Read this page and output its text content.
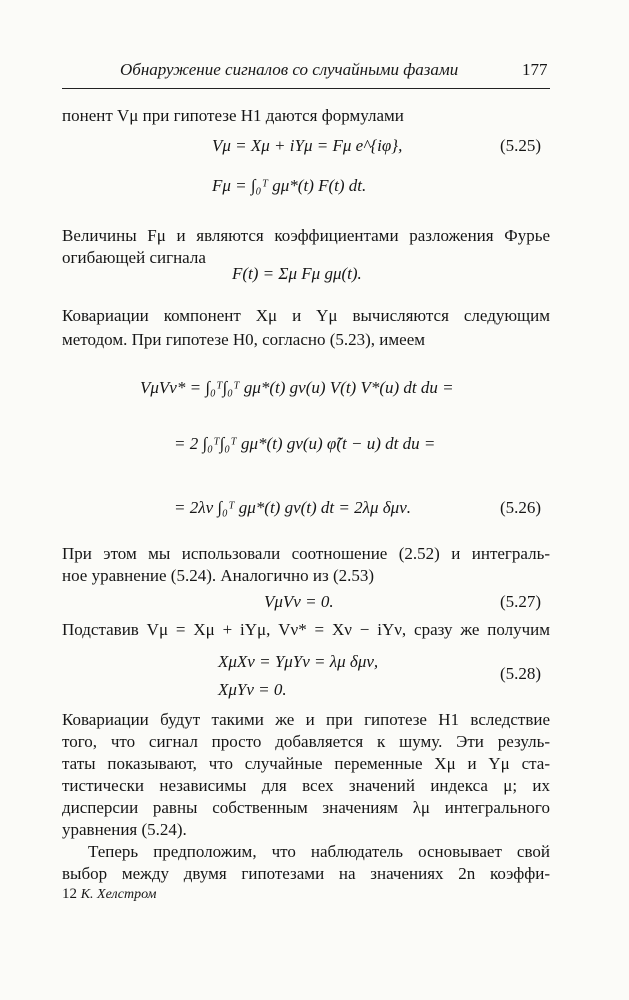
Обнаружение сигналов со случайными фазами	177
понент Vμ при гипотезе H1 даются формулами
Vμ = Xμ + iYμ = Fμ e^{iφ},	(5.25)
Fμ = ∫₀ᵀ gμ*(t) F(t) dt.
Величины Fμ и являются коэффициентами разложения Фурье
огибающей сигнала
F(t) = Σμ Fμ gμ(t).
Ковариации компонент Xμ и Yμ вычисляются следующим
методом. При гипотезе H0, согласно (5.23), имеем
VμVν* = ∫₀ᵀ∫₀ᵀ gμ*(t) gν(u) V(t) V*(u) dt du =
= 2 ∫₀ᵀ∫₀ᵀ gμ*(t) gν(u) φ̃(t − u) dt du =
= 2λν ∫₀ᵀ gμ*(t) gν(t) dt = 2λμ δμν.	(5.26)
При этом мы использовали соотношение (2.52) и интеграль-
ное уравнение (5.24). Аналогично из (2.53)
VμVν = 0.	(5.27)
Подставив Vμ = Xμ + iYμ, Vν* = Xν − iYν, сразу же получим
XμXν = YμYν = λμ δμν,
XμYν = 0.
(5.28)
Ковариации будут такими же и при гипотезе H1 вследствие
того, что сигнал просто добавляется к шуму. Эти резуль-
таты показывают, что случайные переменные Xμ и Yμ ста-
тистически независимы для всех значений индекса μ; их
дисперсии равны собственным значениям λμ интегрального
уравнения (5.24).
Теперь предположим, что наблюдатель основывает свой
выбор между двумя гипотезами на значениях 2n коэффи-
12 К. Хелстром
